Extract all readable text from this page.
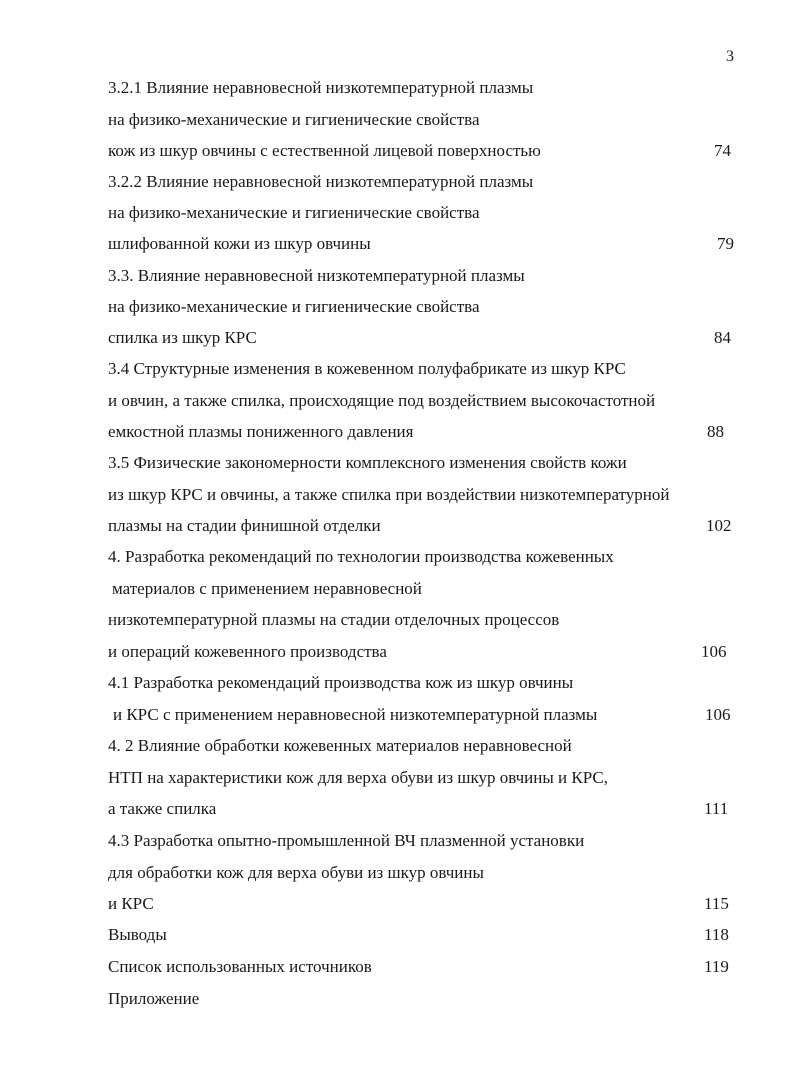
3
3.2.1 Влияние неравновесной низкотемпературной плазмы
на физико-механические и гигиенические свойства
кож из шкур овчины с естественной лицевой поверхностью	74
3.2.2 Влияние неравновесной низкотемпературной плазмы
на физико-механические и гигиенические свойства
шлифованной кожи из шкур овчины	79
3.3. Влияние неравновесной низкотемпературной плазмы
на физико-механические и гигиенические свойства
спилка из шкур КРС	84
3.4 Структурные изменения в кожевенном полуфабрикате из шкур КРС
и овчин, а также спилка, происходящие под воздействием высокочастотной
емкостной плазмы пониженного давления	88
3.5 Физические закономерности комплексного изменения свойств кожи
из шкур КРС и овчины, а также спилка при воздействии низкотемпературной
плазмы на стадии финишной отделки	102
4. Разработка рекомендаций по технологии производства кожевенных
материалов с применением неравновесной
низкотемпературной плазмы на стадии отделочных процессов
и операций кожевенного производства	106
4.1 Разработка рекомендаций производства кож из шкур овчины
и КРС с применением неравновесной низкотемпературной плазмы	106
4. 2 Влияние обработки кожевенных материалов неравновесной
НТП на характеристики кож для верха обуви из шкур овчины и КРС,
а также спилка	111
4.3 Разработка опытно-промышленной ВЧ плазменной установки
для обработки кож для верха обуви из шкур овчины
и КРС	115
Выводы	118
Список использованных источников	119
Приложение
